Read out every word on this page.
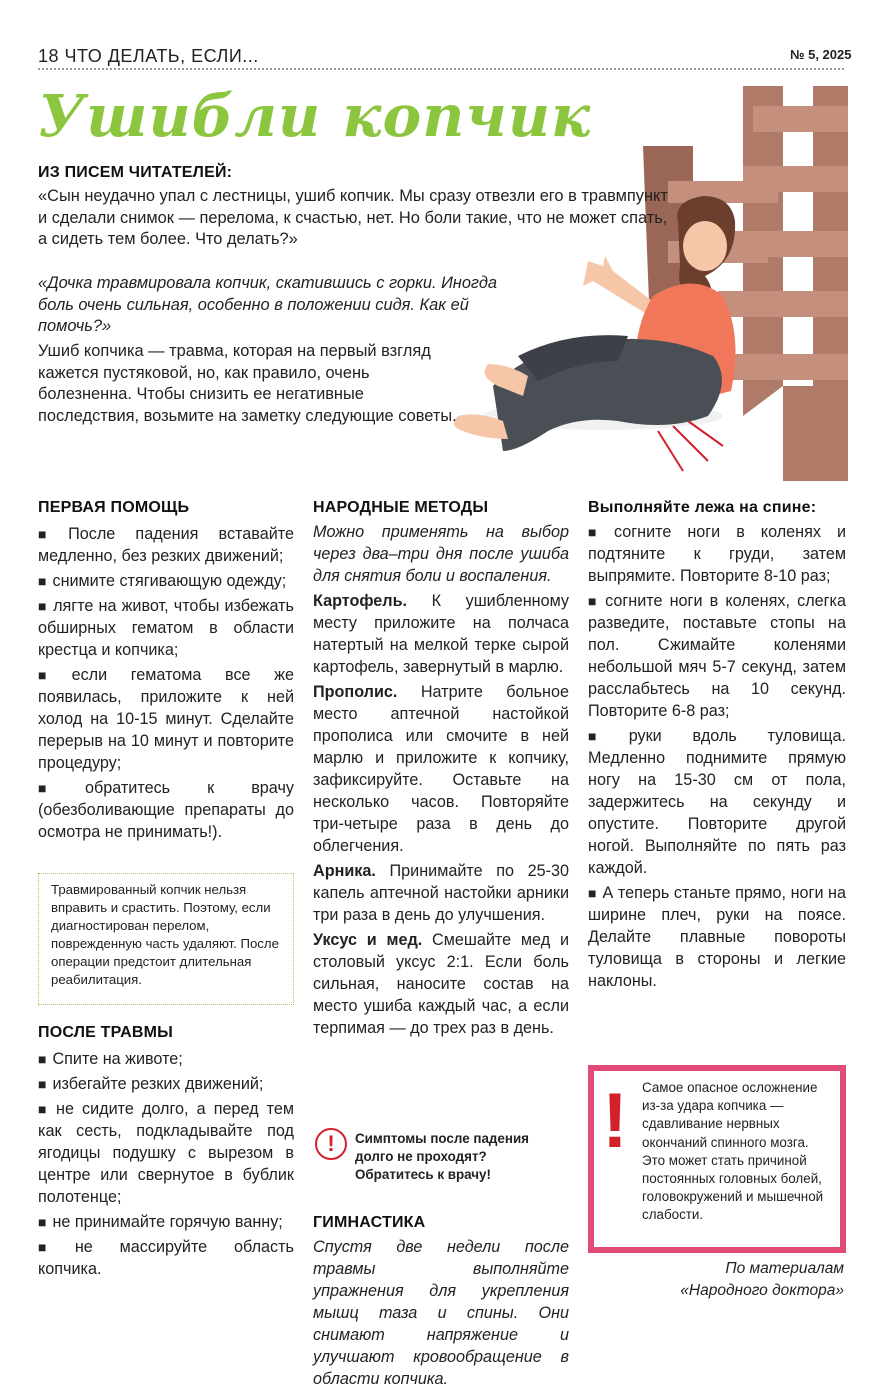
18 ЧТО ДЕЛАТЬ, ЕСЛИ...	№ 5, 2025
Ушибли копчик
ИЗ ПИСЕМ ЧИТАТЕЛЕЙ:
«Сын неудачно упал с лестницы, ушиб копчик. Мы сразу отвезли его в травмпункт и сделали снимок — перелома, к счастью, нет. Но боли такие, что не может спать, а сидеть тем более. Что делать?»
«Дочка травмировала копчик, скатившись с горки. Иногда боль очень сильная, особенно в положении сидя. Как ей помочь?»
Ушиб копчика — травма, которая на первый взгляд кажется пустяковой, но, как правило, очень болезненна. Чтобы снизить ее негативные последствия, возьмите на заметку следующие советы.
ПЕРВАЯ ПОМОЩЬ

■ После падения вставайте медленно, без резких движений;

■ снимите стягивающую одежду;

■ лягте на живот, чтобы избежать обширных гематом в области крестца и копчика;

■ если гематома все же появилась, приложите к ней холод на 10-15 минут. Сделайте перерыв на 10 минут и повторите процедуру;

■ обратитесь к врачу (обезболивающие препараты до осмотра не принимать!).

Травмированный копчик нельзя вправить и срастить. Поэтому, если диагностирован перелом, поврежденную часть удаляют. После операции предстоит длительная реабилитация.
ПОСЛЕ ТРАВМЫ

■ Спите на животе;

■ избегайте резких движений;

■ не сидите долго, а перед тем как сесть, подкладывайте под ягодицы подушку с вырезом в центре или свернутое в бублик полотенце;

■ не принимайте горячую ванну;

■ не массируйте область копчика.

НАРОДНЫЕ МЕТОДЫ

Можно применять на выбор через два–три дня после ушиба для снятия боли и воспаления.

Картофель. К ушибленному месту приложите на полчаса натертый на мелкой терке сырой картофель, завернутый в марлю.

Прополис. Натрите больное место аптечной настойкой прополиса или смочите в ней марлю и приложите к копчику, зафиксируйте. Оставьте на несколько часов. Повторяйте три-четыре раза в день до облегчения.

Арника. Принимайте по 25-30 капель аптечной настойки арники три раза в день до улучшения.

Уксус и мед. Смешайте мед и столовый уксус 2:1. Если боль сильная, наносите состав на место ушиба каждый час, а если терпимая — до трех раз в день.

!	Симптомы после падения долго не проходят? Обратитесь к врачу!
ГИМНАСТИКА

Спустя две недели после травмы выполняйте упражнения для укрепления мышц таза и спины. Они снимают напряжение и улучшают кровообращение в области копчика.

Выполняйте лежа на спине:

■ согните ноги в коленях и подтяните к груди, затем выпрямите. Повторите 8-10 раз;

■ согните ноги в коленях, слегка разведите, поставьте стопы на пол. Сжимайте коленями небольшой мяч 5-7 секунд, затем расслабьтесь на 10 секунд. Повторите 6-8 раз;

■ руки вдоль туловища. Медленно поднимите прямую ногу на 15-30 см от пола, задержитесь на секунду и опустите. Повторите другой ногой. Выполняйте по пять раз каждой.

■ А теперь станьте прямо, ноги на ширине плеч, руки на поясе. Делайте плавные повороты туловища в стороны и легкие наклоны.

! Самое опасное осложнение из-за удара копчика — сдавливание нервных окончаний спинного мозга. Это может стать причиной постоянных головных болей, головокружений и мышечной слабости.
По материалам
«Народного доктора»
